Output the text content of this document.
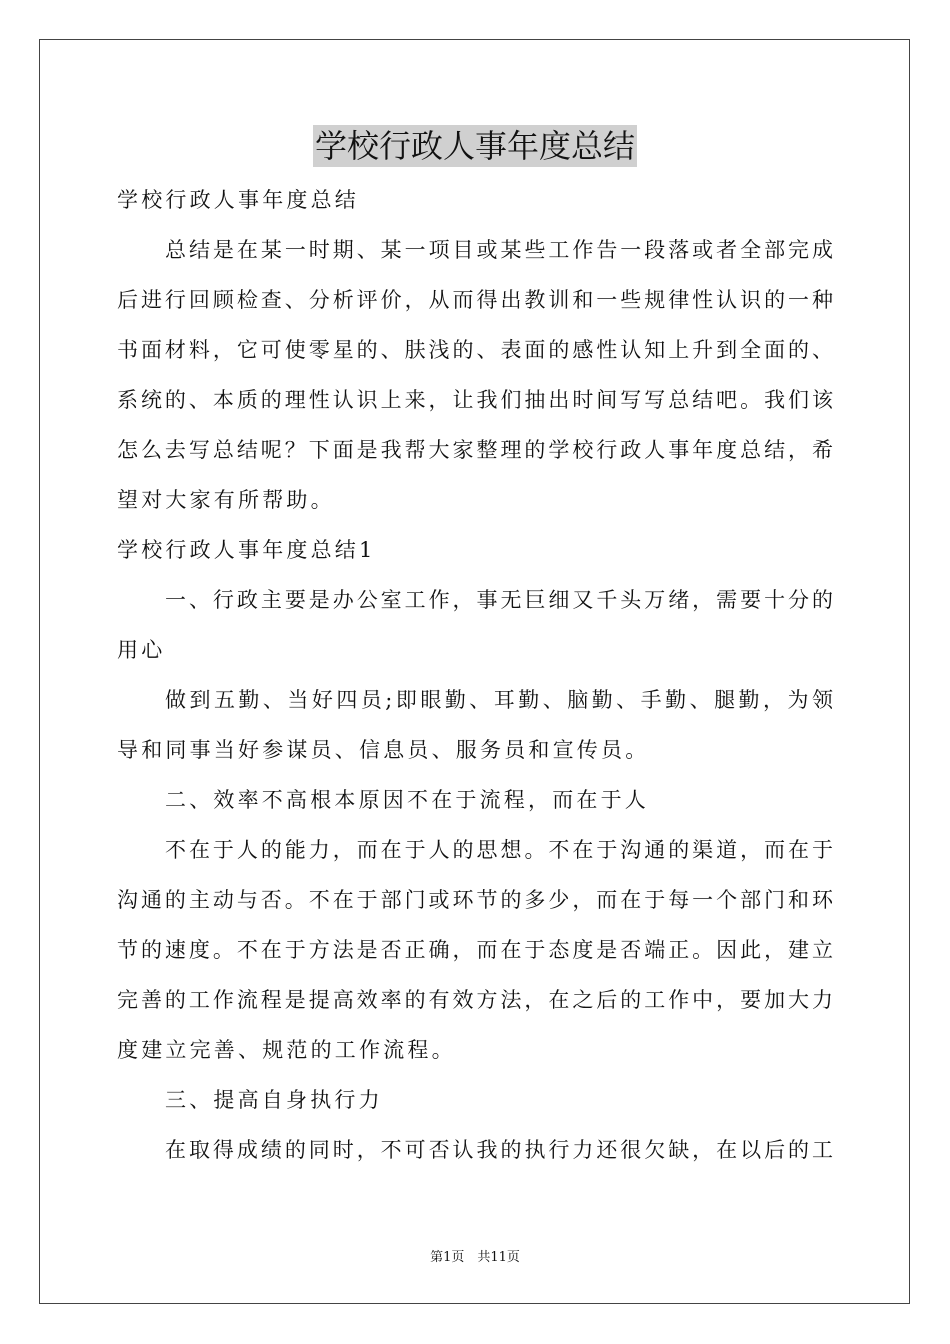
学校行政人事年度总结
学校行政人事年度总结
总结是在某一时期、某一项目或某些工作告一段落或者全部完成
后进行回顾检查、分析评价，从而得出教训和一些规律性认识的一种
书面材料，它可使零星的、肤浅的、表面的感性认知上升到全面的、
系统的、本质的理性认识上来，让我们抽出时间写写总结吧。我们该
怎么去写总结呢？下面是我帮大家整理的学校行政人事年度总结，希
望对大家有所帮助。
学校行政人事年度总结1
一、行政主要是办公室工作，事无巨细又千头万绪，需要十分的
用心
做到五勤、当好四员;即眼勤、耳勤、脑勤、手勤、腿勤，为领
导和同事当好参谋员、信息员、服务员和宣传员。
二、效率不高根本原因不在于流程，而在于人
不在于人的能力，而在于人的思想。不在于沟通的渠道，而在于
沟通的主动与否。不在于部门或环节的多少，而在于每一个部门和环
节的速度。不在于方法是否正确，而在于态度是否端正。因此，建立
完善的工作流程是提高效率的有效方法，在之后的工作中，要加大力
度建立完善、规范的工作流程。
三、提高自身执行力
在取得成绩的同时，不可否认我的执行力还很欠缺，在以后的工
第1页　共11页
